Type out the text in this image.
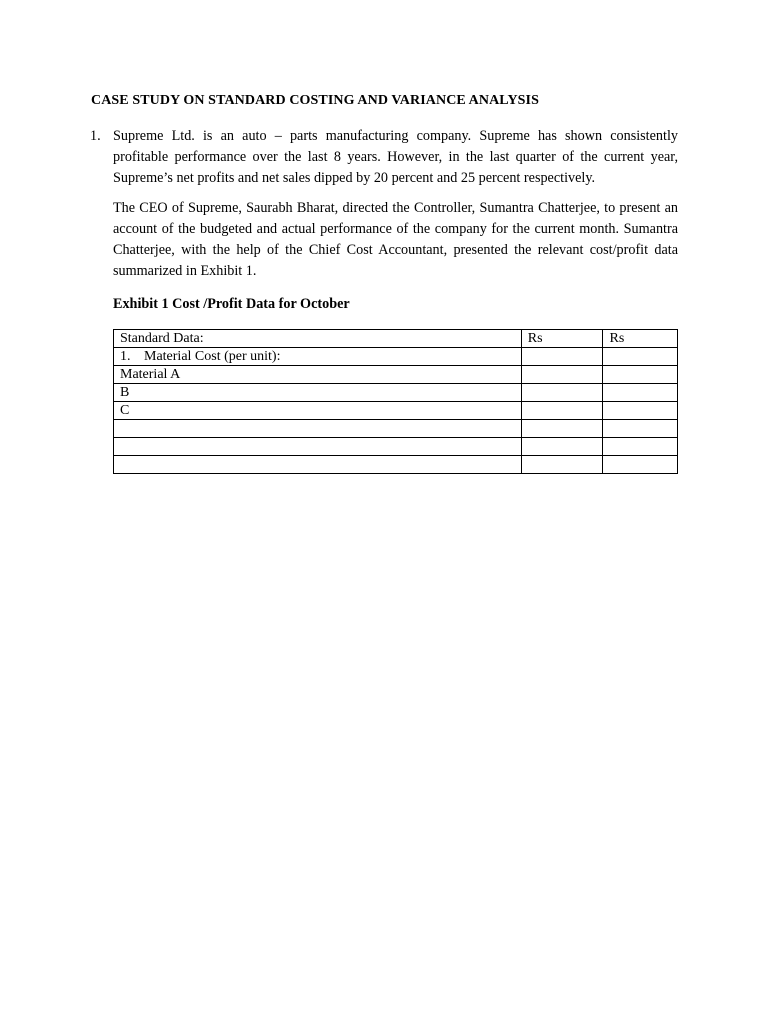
CASE STUDY ON STANDARD COSTING AND VARIANCE ANALYSIS
1. Supreme Ltd. is an auto – parts manufacturing company. Supreme has shown consistently profitable performance over the last 8 years. However, in the last quarter of the current year, Supreme’s net profits and net sales dipped by 20 percent and 25 percent respectively.

The CEO of Supreme, Saurabh Bharat, directed the Controller, Sumantra Chatterjee, to present an account of the budgeted and actual performance of the company for the current month. Sumantra Chatterjee, with the help of the Chief Cost Accountant, presented the relevant cost/profit data summarized in Exhibit 1.

Exhibit 1 Cost /Profit Data for October
Standard Data:	Rs	Rs
1. Material Cost (per unit):		
Material A		
B		
C		
